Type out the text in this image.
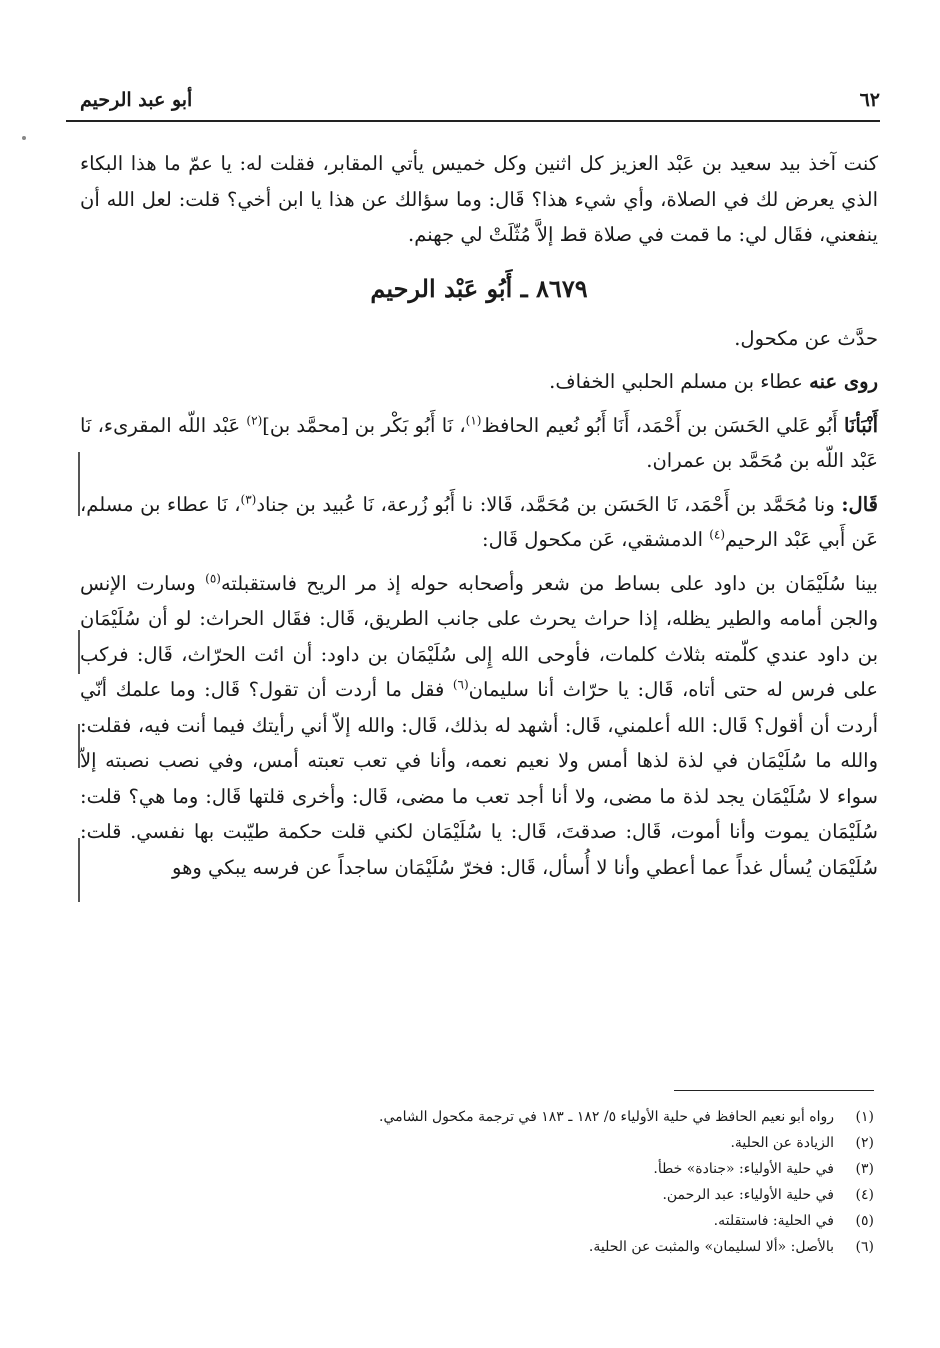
٦٢
أبو عبد الرحيم

كنت آخذ بيد سعيد بن عَبْد العزيز كل اثنين وكل خميس يأتي المقابر، فقلت له: يا عمّ ما هذا البكاء الذي يعرض لك في الصلاة، وأي شيء هذا؟ قَال: وما سؤالك عن هذا يا ابن أخي؟ قلت: لعل الله أن ينفعني، فقَال لي: ما قمت في صلاة قط إلاَّ مُثّلَتْ لي جهنم.

٨٦٧٩ ـ أَبُو عَبْد الرحيم

حدَّث عن مكحول.

روى عنه عطاء بن مسلم الحلبي الخفاف.

أَنْبَأنَا أَبُو عَلي الحَسَن بن أَحْمَد، أَنَا أَبُو نُعيم الحافظ$^{(١)}$، نَا أَبُو بَكْر بن [محمَّد بن]$^{(٢)}$ عَبْد اللّه المقرىء، نَا عَبْد اللّه بن مُحَمَّد بن عمران.

قَال: ونا مُحَمَّد بن أَحْمَد، نَا الحَسَن بن مُحَمَّد، قَالا: نا أَبُو زُرعة، نَا عُبيد بن جناد$^{(٣)}$، نَا عطاء بن مسلم، عَن أَبي عَبْد الرحيم$^{(٤)}$ الدمشقي، عَن مكحول قَال:

بينا سُلَيْمَان بن داود على بساط من شعر وأصحابه حوله إذ مر الريح فاستقبلته$^{(٥)}$ وسارت الإنس والجن أمامه والطير يظله، إذا حراث يحرث على جانب الطريق، قَال: فقَال الحراث: لو أن سُلَيْمَان بن داود عندي كلّمته بثلاث كلمات، فأوحى الله إِلى سُلَيْمَان بن داود: أن ائت الحرّاث، قَال: فركب على فرس له حتى أتاه، قَال: يا حرّاث أنا سليمان$^{(٦)}$ فقل ما أردت أن تقول؟ قَال: وما علمك أنّي أردت أن أقول؟ قَال: الله أعلمني، قَال: أشهد له بذلك، قَال: والله إلاّ أني رأيتك فيما أنت فيه، فقلت: والله ما سُلَيْمَان في لذة لذها أمس ولا نعيم نعمه، وأنا في تعب تعبته أمس، وفي نصب نصبته إلاّ سواء لا سُلَيْمَان يجد لذة ما مضى، ولا أنا أجد تعب ما مضى، قَال: وأخرى قلتها قَال: وما هي؟ قلت: سُلَيْمَان يموت وأنا أموت، قَال: صدقتَ، قَال: يا سُلَيْمَان لكني قلت حكمة طيّبت بها نفسي. قلت: سُلَيْمَان يُسأل غداً عما أعطي وأنا لا أُسأل، قَال: فخرّ سُلَيْمَان ساجداً عن فرسه يبكي وهو

(١)
رواه أبو نعيم الحافظ في حلية الأولياء ٥/ ١٨٢ ـ ١٨٣ في ترجمة مكحول الشامي.
(٢)
الزيادة عن الحلية.
(٣)
في حلية الأولياء: «جنادة» خطأ.
(٤)
في حلية الأولياء: عبد الرحمن.
(٥)
في الحلية: فاستقلته.
(٦)
بالأصل: «ألا لسليمان» والمثبت عن الحلية.
